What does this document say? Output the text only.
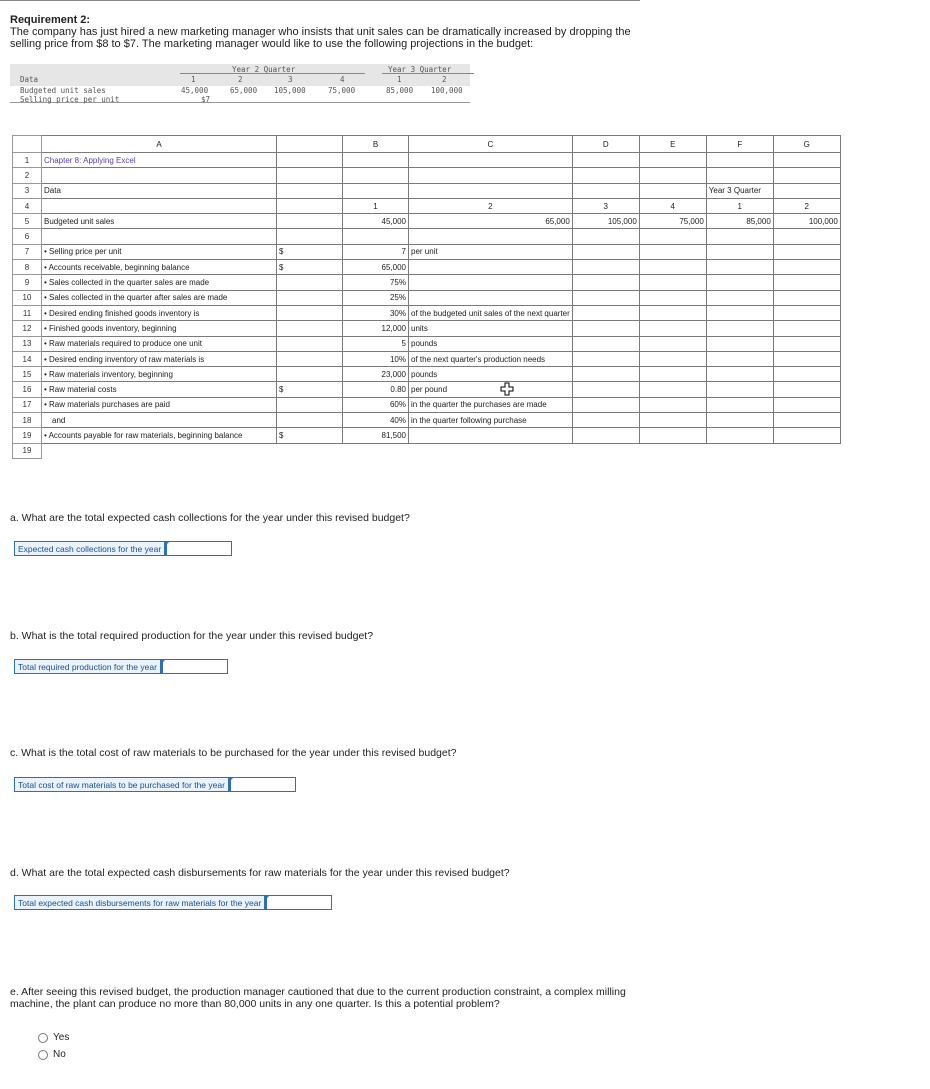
Requirement 2:
The company has just hired a new marketing manager who insists that unit sales can be dramatically increased by dropping the selling price from $8 to $7. The marketing manager would like to use the following projections in the budget:
Year 2 Quarter	Year 3 Quarter
Data	1	2	3	4	1	2
Budgeted unit sales	45,000	65,000 105,000	75,000	85,000 100,000
Selling price per unit	$7
	A		B	C	D	E	F	G
1	Chapter 8: Applying Excel							
2								
3	Data						Year 3 Quarter	
4			1	2	3	4	1	2
5	Budgeted unit sales		45,000	65,000	105,000	75,000	85,000	100,000
6								
7	• Selling price per unit	$	7	per unit				
8	• Accounts receivable, beginning balance	$	65,000					
9	• Sales collected in the quarter sales are made		75%					
10	• Sales collected in the quarter after sales are made		25%					
11	• Desired ending finished goods inventory is		30%	of the budgeted unit sales of the next quarter				
12	• Finished goods inventory, beginning		12,000	units				
13	• Raw materials required to produce one unit		5	pounds				
14	• Desired ending inventory of raw materials is		10%	of the next quarter's production needs				
15	• Raw materials inventory, beginning		23,000	pounds				
16	• Raw material costs	$	0.80	per pound				
17	• Raw materials purchases are paid		60%	in the quarter the purchases are made				
18	and		40%	in the quarter following purchase				
19	• Accounts payable for raw materials, beginning balance	$	81,500					
19								
a. What are the total expected cash collections for the year under this revised budget?
Expected cash collections for the year
b. What is the total required production for the year under this revised budget?
Total required production for the year
c. What is the total cost of raw materials to be purchased for the year under this revised budget?
Total cost of raw materials to be purchased for the year
d. What are the total expected cash disbursements for raw materials for the year under this revised budget?
Total expected cash disbursements for raw materials for the year
e. After seeing this revised budget, the production manager cautioned that due to the current production constraint, a complex milling machine, the plant can produce no more than 80,000 units in any one quarter. Is this a potential problem?
Yes
No
